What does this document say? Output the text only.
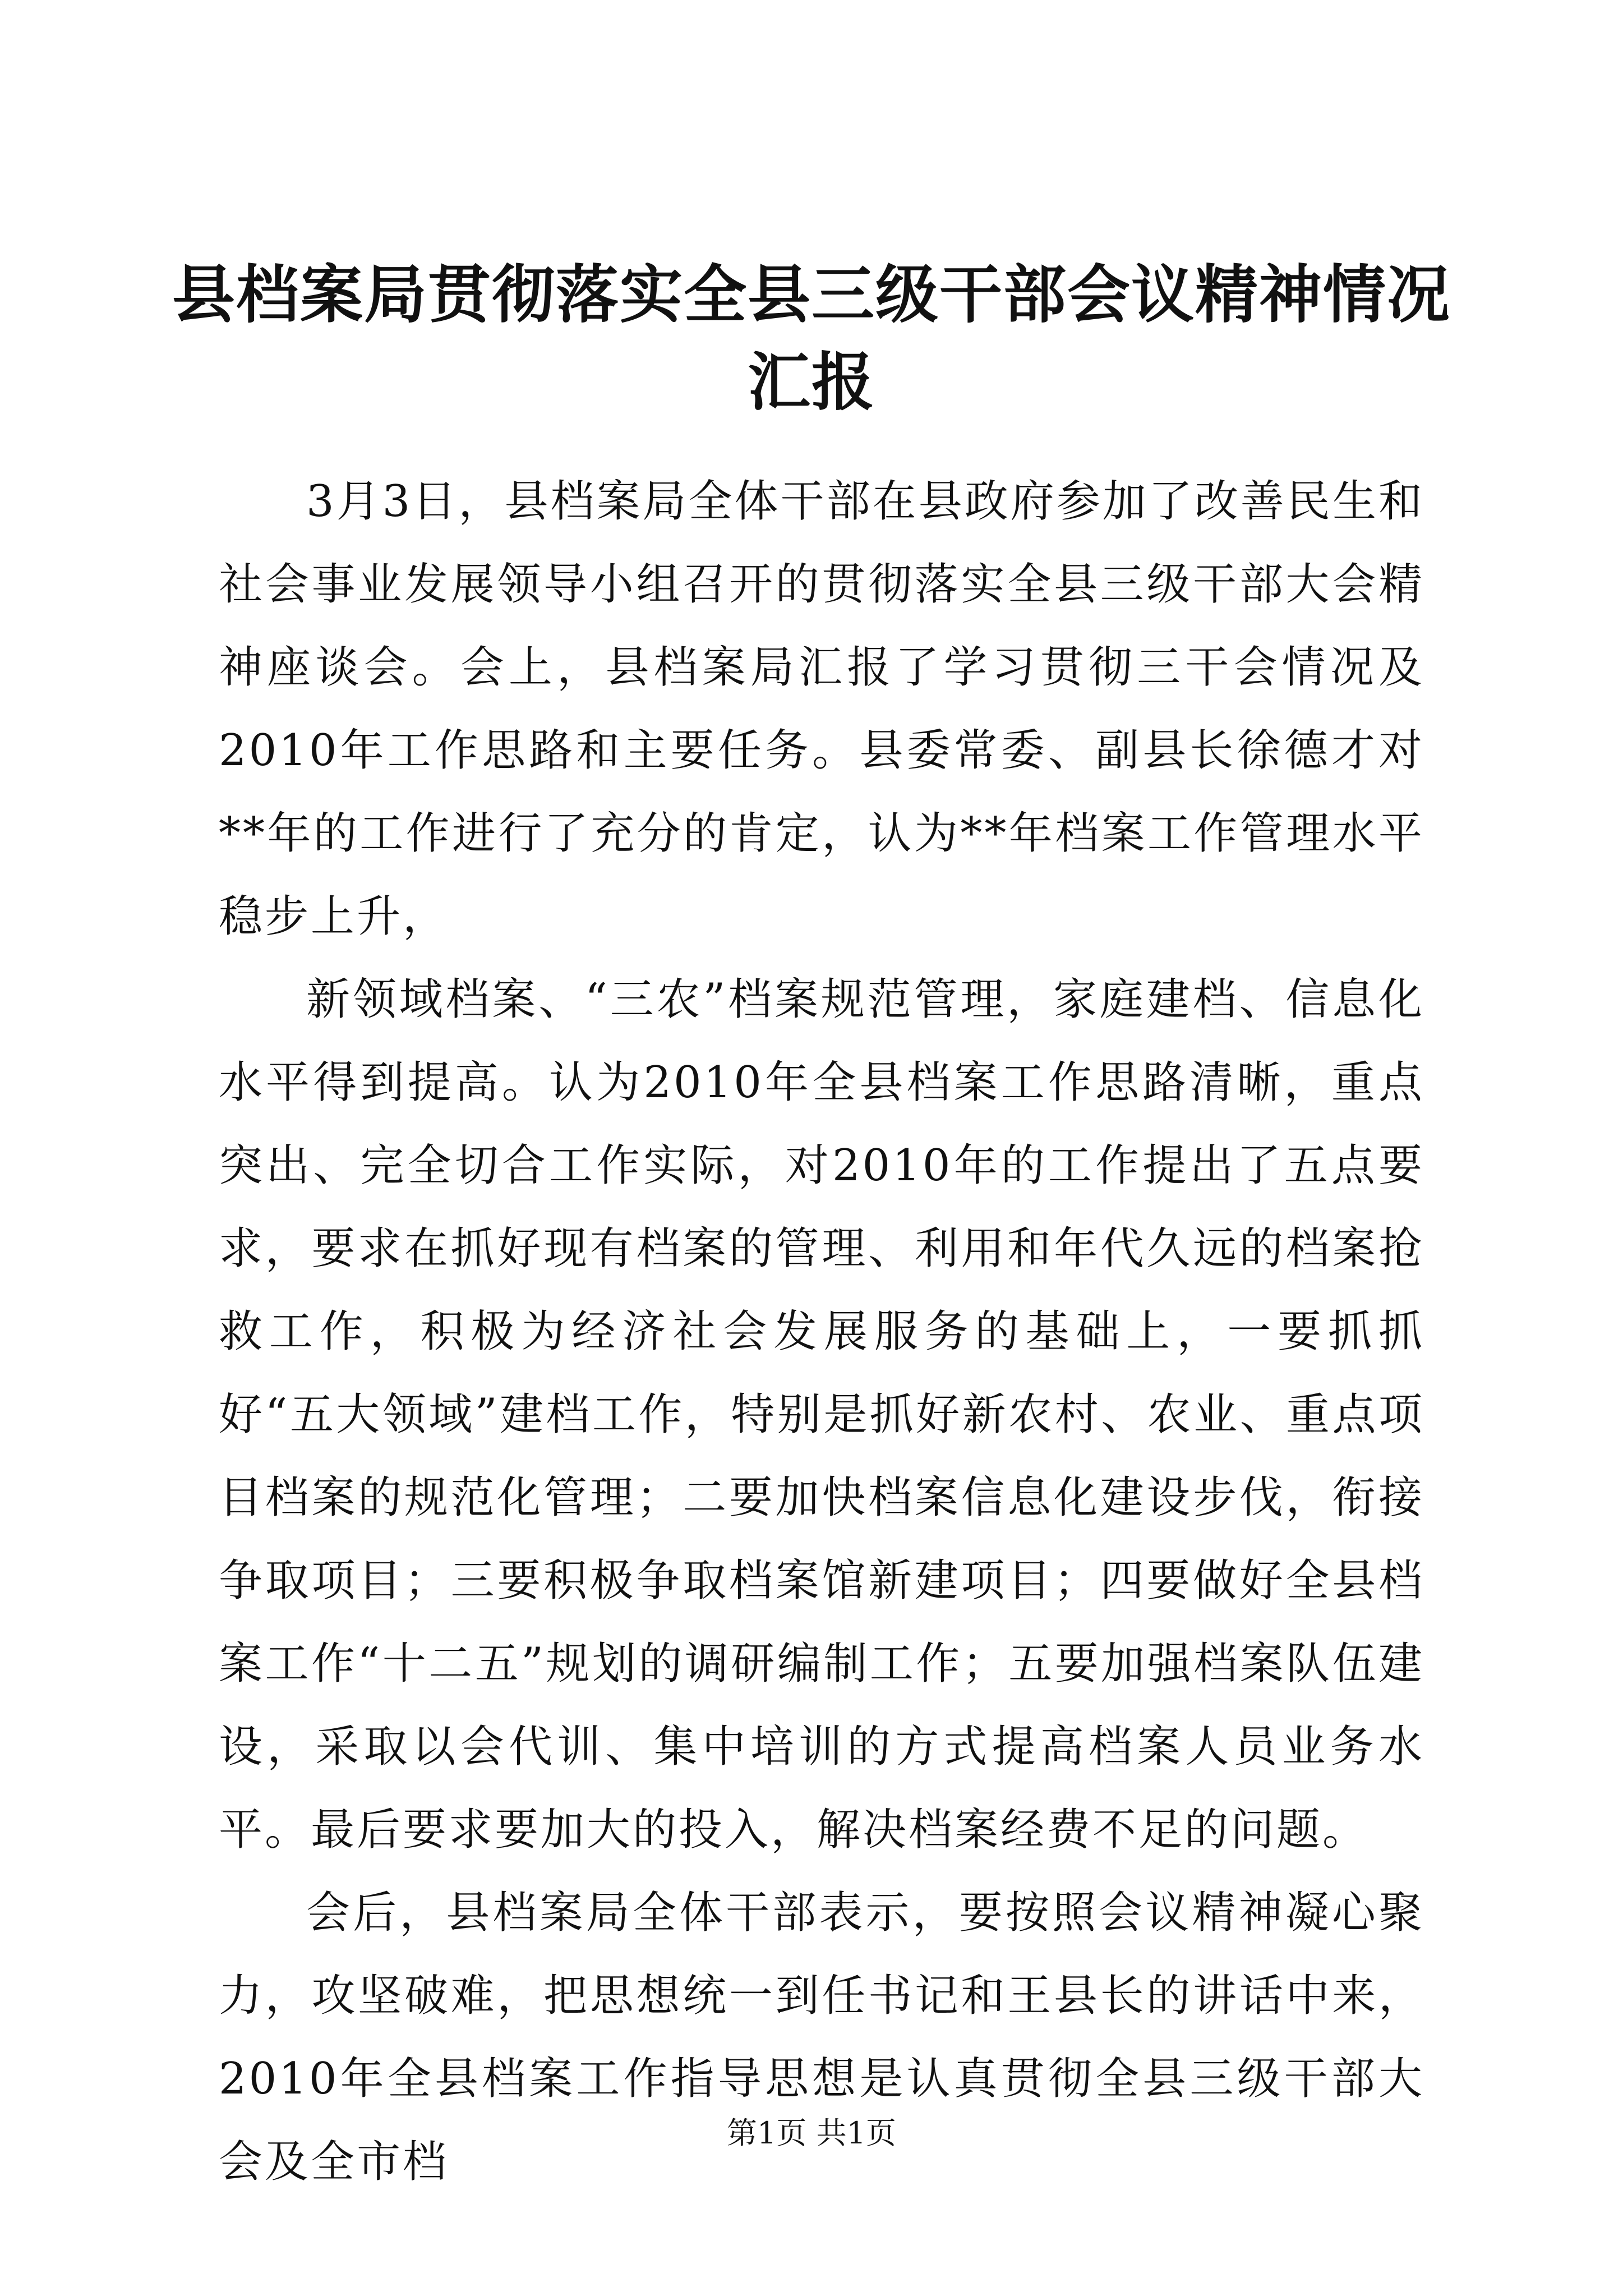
县档案局贯彻落实全县三级干部会议精神情况
汇报

3月3日，县档案局全体干部在县政府参加了改善民生和社会事业发展领导小组召开的贯彻落实全县三级干部大会精神座谈会。会上，县档案局汇报了学习贯彻三干会情况及2010年工作思路和主要任务。县委常委、副县长徐德才对**年的工作进行了充分的肯定，认为**年档案工作管理水平稳步上升，

新领域档案、“三农”档案规范管理，家庭建档、信息化水平得到提高。认为2010年全县档案工作思路清晰，重点突出、完全切合工作实际，对2010年的工作提出了五点要求，要求在抓好现有档案的管理、利用和年代久远的档案抢救工作，积极为经济社会发展服务的基础上，一要抓抓好“五大领域”建档工作，特别是抓好新农村、农业、重点项目档案的规范化管理；二要加快档案信息化建设步伐，衔接争取项目；三要积极争取档案馆新建项目；四要做好全县档案工作“十二五”规划的调研编制工作；五要加强档案队伍建设，采取以会代训、集中培训的方式提高档案人员业务水平。最后要求要加大的投入，解决档案经费不足的问题。

会后，县档案局全体干部表示，要按照会议精神凝心聚力，攻坚破难，把思想统一到任书记和王县长的讲话中来，2010年全县档案工作指导思想是认真贯彻全县三级干部大会及全市档

第1页 共1页
